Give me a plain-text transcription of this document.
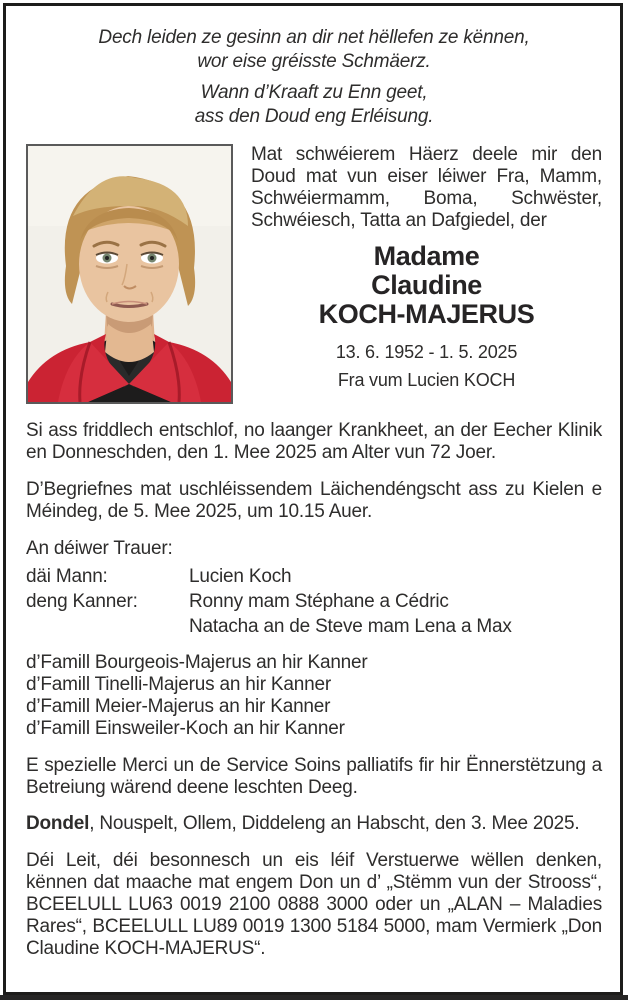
Dech leiden ze gesinn an dir net hëllefen ze kënnen,
wor eise gréisste Schmäerz.
Wann d’Kraaft zu Enn geet,
ass den Doud eng Erléisung.
Mat schwéierem Häerz deele mir den Doud mat vun eiser léiwer Fra, Mamm, Schwéiermamm, Boma, Schwëster, Schwéiesch, Tatta an Dafgiedel, der
Madame
Claudine
KOCH-MAJERUS
13. 6. 1952 - 1. 5. 2025
Fra vum Lucien KOCH
Si ass friddlech entschlof, no laanger Krankheet, an der Eecher Klinik en Donneschden, den 1. Mee 2025 am Alter vun 72 Joer.
D’Begriefnes mat uschléissendem Läichendéngscht ass zu Kielen e Méindeg, de 5. Mee 2025, um 10.15 Auer.
An déiwer Trauer:
däi Mann:	Lucien Koch
deng Kanner:	Ronny mam Stéphane a Cédric
Natacha an de Steve mam Lena a Max
d’Famill Bourgeois-Majerus an hir Kanner
d’Famill Tinelli-Majerus an hir Kanner
d’Famill Meier-Majerus an hir Kanner
d’Famill Einsweiler-Koch an hir Kanner
E spezielle Merci un de Service Soins palliatifs fir hir Ënnerstëtzung a Betreiung wärend deene leschten Deeg.
Dondel, Nouspelt, Ollem, Diddeleng an Habscht, den 3. Mee 2025.
Déi Leit, déi besonnesch un eis léif Verstuerwe wëllen denken, kënnen dat maache mat engem Don un d’ „Stëmm vun der Strooss“, BCEELULL LU63 0019 2100 0888 3000 oder un „ALAN – Maladies Rares“, BCEELULL LU89 0019 1300 5184 5000, mam Vermierk „Don Claudine KOCH-MAJERUS“.
